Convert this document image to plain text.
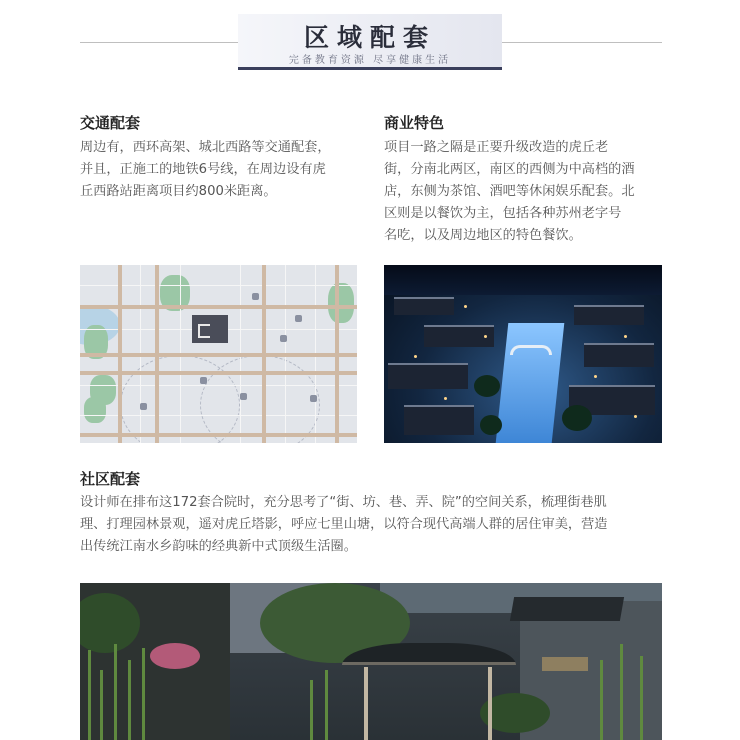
区域配套
完备教育资源 尽享健康生活
交通配套
周边有，西环高架、城北西路等交通配套，
并且，正施工的地铁6号线，在周边设有虎
丘西路站距离项目约800米距离。
商业特色
项目一路之隔是正要升级改造的虎丘老
街，分南北两区，南区的西侧为中高档的酒
店，东侧为茶馆、酒吧等休闲娱乐配套。北
区则是以餐饮为主，包括各种苏州老字号
名吃，以及周边地区的特色餐饮。
社区配套
设计师在排布这172套合院时，充分思考了“街、坊、巷、弄、院”的空间关系，梳理街巷肌
理、打理园林景观，遥对虎丘塔影，呼应七里山塘，以符合现代高端人群的居住审美，营造
出传统江南水乡韵味的经典新中式顶级生活圈。
